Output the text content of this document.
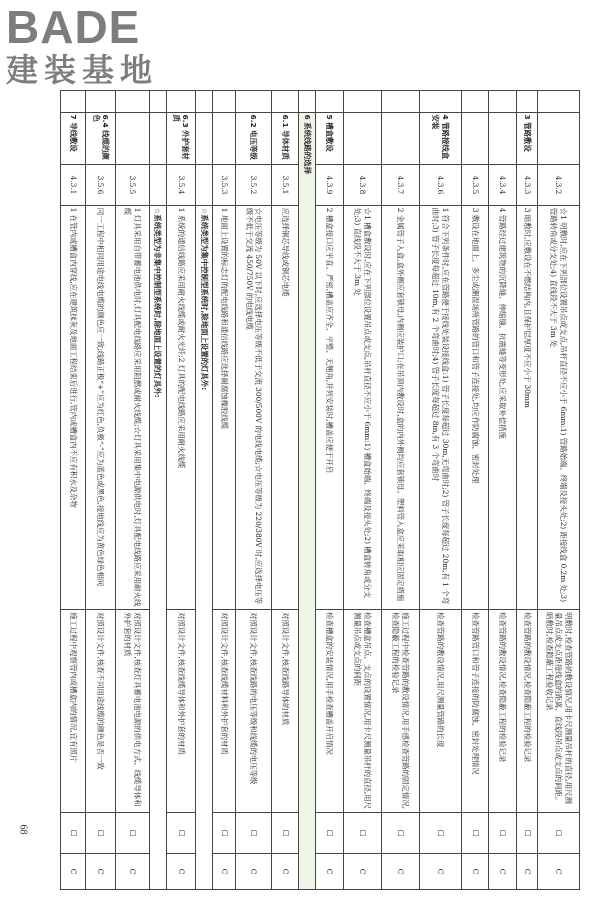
BADE
建装基地
68
		4.3.2	☆1 明敷时,应在下列部位设置吊点或支点,吊杆直径不应小于 6mm:1) 管路始端、终端及接头处;2) 距接线盒 0.2m 处;3) 管路转角或分支处;4) 直线段不大于 3m 处	明敷时,检查管路的敷设情况,用卡尺测量吊杆的直径,用尺测量吊点或支点距接线盒的距离、直线段吊点或支点的间距。暗敷时,检查隐蔽工程验收记录	☐	C
	3 管路敷设	4.3.3	3 暗敷时,应敷设在不燃结构内,且保护层厚度不应小于 30mm	检查管路的敷设情况,检查隐蔽工程的检验记录	☐	C
		4.3.4	4 管路经过建筑物的沉降缝、伸缩缝、抗震缝等变形处,应采取补偿措施	检查管路的敷设情况,检查隐蔽工程的检验记录	☐	C
		4.3.5	3 敷设在地面上、多尘或潮湿场所管路的管口和管子连接处,均应作防腐蚀、密封处理	检查管路管口和管子连接的防腐蚀、密封处理情况	☐	C
	4 管路接线盒安装	4.3.6	1 符合下列条件时,应在管路便于接线处装设接线盒:1) 管子长度每超过 30m,无弯曲时;2) 管子长度每超过 20m,有 1 个弯曲时;3) 管子长度每超过 10m,有 2 个弯曲时;4) 管子长度每超过 8m,有 3 个弯曲时	检查管路的敷设情况,用尺测量管路的长度	☐	C
		4.3.7	2 金属管子入盒,盒外侧应套锁母,内侧应装护口;在吊顶内敷设时,盒的内外侧均应套锁母。塑料管入盒应采取相应固定措施	施工过程中检查管路的敷设情况,用手感检查管路的固定情况,检查隐蔽工程的检验记录	☐	C
		4.3.8	☆1 槽盒敷设时,应在下列部位设置吊点或支点,吊杆直径不应小于 6mm:1) 槽盒始端、终端及接头处;2) 槽盒转角或分支处;3) 直线段不大于 3m 处	检查槽盒吊点、支点的设置情况,用卡尺测量吊杆的直径,用尺测量吊点或支点的间距	☐	C
	5 槽盒敷设	4.3.9	2 槽盒接口应平直、严密,槽盖应齐全、平整、无翘角,并列安装时,槽盖应便于开启	检查槽盒的安装情况,用手检查槽盖开启情况	☐	C
	6 系统线路的选择					
	6.1 导体材质	3.5.1	应选择铜芯导线或铜芯电缆	对照设计文件,核查线路导体的材质	☐	C
	6.2 电压等级	3.5.2	☆电压等级为 50V 以下时,应选择电压等级不低于交流 300/500V 的电线电缆;☆电压等级为 220/380V 时,应选择电压等级不低于交流 450/750V 的电线电缆	对照设计文件,核查线路的电压等级和线缆的电压等级	☐	C
		3.5.3	1 地面上设置的标志灯的配电线路和通信线路应选择耐腐蚀橡胶线缆	对照设计文件,核查线缆材料和外护套的材质	☐	C
			☆系统类型为集中控制型系统时,除地面上设置的灯具外:			
	6.3 外护套材质	3.5.4	1 系统的通信线路应采用耐火线缆或耐火光纤;2 灯具的配电线路应采用耐火线缆	对照设计文件,核查线缆导体和外护套的材质	☐	C
			☆系统类型为非集中控制型系统时,除地面上设置的灯具外:			
		3.5.5	1 灯具采用自带蓄电池供电时,灯具配电线路应采用阻燃或耐火线缆;☆灯具采用集中电源供电时,灯具配电线路应采用耐火线缆	对照设计文件,核查灯具蓄电池电源的供电方式、线缆导体和外护套的材质	☐	C
	6.4 线缆的颜色	3.5.6	同一工程中相同用途电线电缆的颜色应一致;线路正极“+”应为红色,负极“-”应为蓝色或黑色,接地线应为黄色绿色相间	对照设计文件,核查不同用途线缆的颜色是否一致	☐	C
	7 导线敷设	4.3.1	1 在管内或槽盒内穿线,应在建筑抹灰及地面工程结束后进行,管内或槽盒内不应有积水及杂物	施工过程中观察管内或槽盒内的情况,宜有照片	☐	C
